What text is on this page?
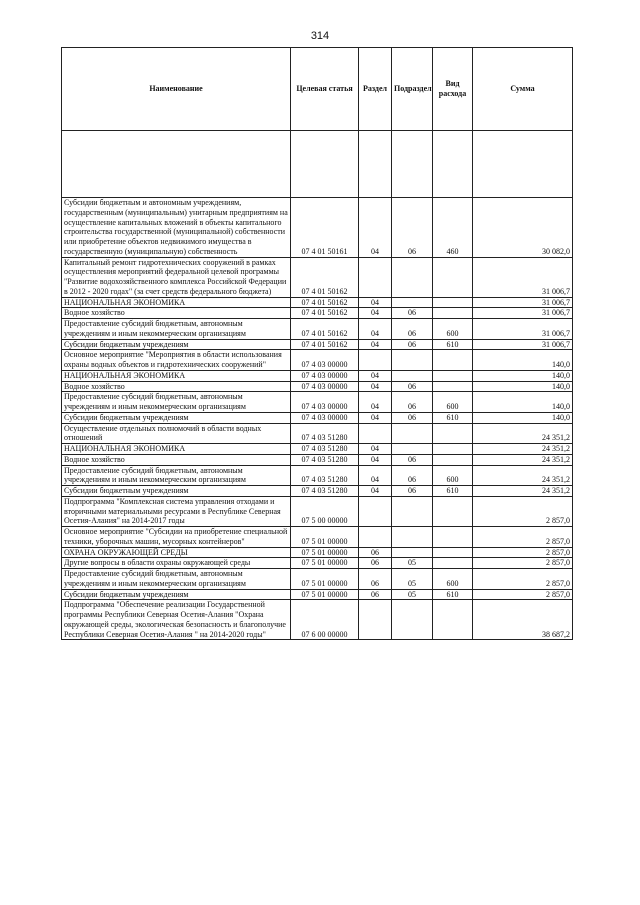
314
Наименование	Целевая статья	Раздел	Подраздел	Вид расхода	Сумма

Субсидии бюджетным и автономным учреждениям, государственным (муниципальным) унитарным предприятиям на осуществление капитальных вложений в объекты капитального строительства государственной (муниципальной) собственности или приобретение объектов недвижимого имущества в государственную (муниципальную) собственность	07 4 01 50161	04	06	460	30 082,0
Капитальный ремонт гидротехнических сооружений в рамках осуществления мероприятий федеральной целевой программы "Развитие водохозяйственного комплекса Российской Федерации в 2012 - 2020 годах" (за счет средств федерального бюджета)	07 4 01 50162				31 006,7
НАЦИОНАЛЬНАЯ ЭКОНОМИКА	07 4 01 50162	04			31 006,7
Водное хозяйство	07 4 01 50162	04	06		31 006,7
Предоставление субсидий бюджетным, автономным учреждениям и иным некоммерческим организациям	07 4 01 50162	04	06	600	31 006,7
Субсидии бюджетным учреждениям	07 4 01 50162	04	06	610	31 006,7
Основное мероприятие "Мероприятия в области использования охраны водных объектов и гидротехнических сооружений"	07 4 03 00000				140,0
НАЦИОНАЛЬНАЯ ЭКОНОМИКА	07 4 03 00000	04			140,0
Водное хозяйство	07 4 03 00000	04	06		140,0
Предоставление субсидий бюджетным, автономным учреждениям и иным некоммерческим организациям	07 4 03 00000	04	06	600	140,0
Субсидии бюджетным учреждениям	07 4 03 00000	04	06	610	140,0
Осуществление отдельных полномочий в области водных отношений	07 4 03 51280				24 351,2
НАЦИОНАЛЬНАЯ ЭКОНОМИКА	07 4 03 51280	04			24 351,2
Водное хозяйство	07 4 03 51280	04	06		24 351,2
Предоставление субсидий бюджетным, автономным учреждениям и иным некоммерческим организациям	07 4 03 51280	04	06	600	24 351,2
Субсидии бюджетным учреждениям	07 4 03 51280	04	06	610	24 351,2
Подпрограмма "Комплексная система управления отходами и вторичными материальными ресурсами в Республике Северная Осетия-Алания" на 2014-2017 годы	07 5 00 00000				2 857,0
Основное мероприятие "Субсидии на приобретение специальной техники, уборочных машин, мусорных контейнеров"	07 5 01 00000				2 857,0
ОХРАНА ОКРУЖАЮЩЕЙ СРЕДЫ	07 5 01 00000	06			2 857,0
Другие вопросы в области охраны окружающей среды	07 5 01 00000	06	05		2 857,0
Предоставление субсидий бюджетным, автономным учреждениям и иным некоммерческим организациям	07 5 01 00000	06	05	600	2 857,0
Субсидии бюджетным учреждениям	07 5 01 00000	06	05	610	2 857,0
Подпрограмма "Обеспечение реализации Государственной программы Республики Северная Осетия-Алания "Охрана окружающей среды, экологическая безопасность и благополучие Республики Северная Осетия-Алания " на 2014-2020 годы"	07 6 00 00000				38 687,2
